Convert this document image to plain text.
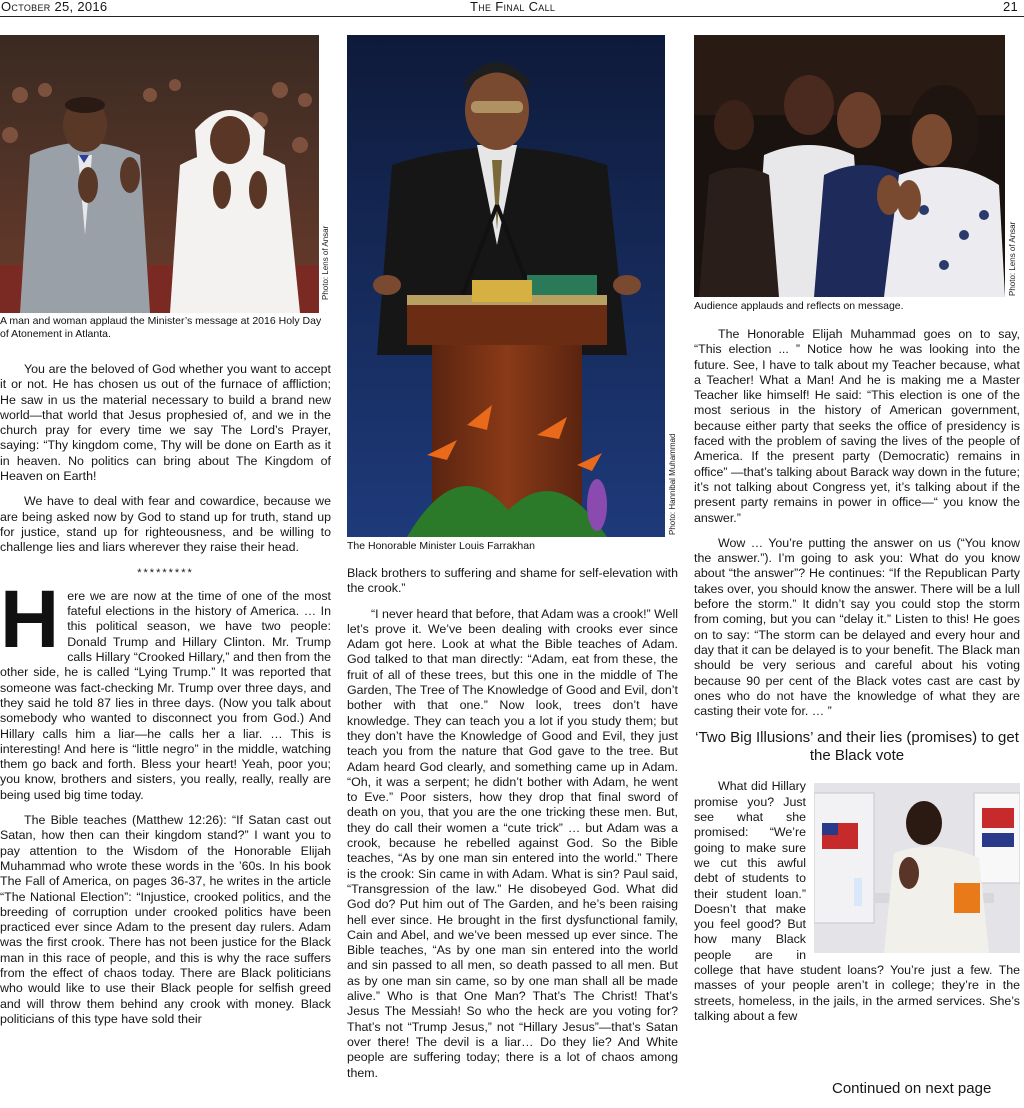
October 25, 2016	The Final Call	21
Photo: Lens of Ansar
A man and woman applaud the Minister’s message at 2016 Holy Day of Atonement in Atlanta.
Photo: Hannibal Muhammad
The Honorable Minister Louis Farrakhan
Photo: Lens of Ansar
Audience applauds and reflects on message.

You are the beloved of God whether you want to accept it or not. He has chosen us out of the furnace of affliction; He saw in us the material necessary to build a brand new world—that world that Jesus prophesied of, and we in the church pray for every time we say The Lord’s Prayer, saying: “Thy kingdom come, Thy will be done on Earth as it in heaven. No politics can bring about The Kingdom of Heaven on Earth!

We have to deal with fear and cowardice, because we are being asked now by God to stand up for truth, stand up for justice, stand up for righteousness, and be willing to challenge lies and liars wherever they raise their head.

*********

Here we are now at the time of one of the most fateful elections in the history of America. … In this political season, we have two people: Donald Trump and Hillary Clinton. Mr. Trump calls Hillary “Crooked Hillary,” and then from the other side, he is called “Lying Trump.” It was reported that someone was fact-checking Mr. Trump over three days, and they said he told 87 lies in three days. (Now you talk about somebody who wanted to disconnect you from God.) And Hillary calls him a liar—he calls her a liar. … This is interesting! And here is “little negro” in the middle, watching them go back and forth. Bless your heart! Yeah, poor you; you know, brothers and sisters, you really, really, really are being used big time today.

The Bible teaches (Matthew 12:26): “If Satan cast out Satan, how then can their kingdom stand?” I want you to pay attention to the Wisdom of the Honorable Elijah Muhammad who wrote these words in the ’60s. In his book The Fall of America, on pages 36-37, he writes in the article “The National Election”: “Injustice, crooked politics, and the breeding of corruption under crooked politics have been practiced ever since Adam to the present day rulers. Adam was the first crook. There has not been justice for the Black man in this race of people, and this is why the race suffers from the effect of chaos today. There are Black politicians who would like to use their Black people for selfish greed and will throw them behind any crook with money. Black politicians of this type have sold their

Black brothers to suffering and shame for self-elevation with the crook.”

“I never heard that before, that Adam was a crook!” Well let’s prove it. We’ve been dealing with crooks ever since Adam got here. Look at what the Bible teaches of Adam. God talked to that man directly: “Adam, eat from these, the fruit of all of these trees, but this one in the middle of The Garden, The Tree of The Knowledge of Good and Evil, don’t bother with that one.” Now look, trees don’t have knowledge. They can teach you a lot if you study them; but they don’t have the Knowledge of Good and Evil, they just teach you from the nature that God gave to the tree. But Adam heard God clearly, and something came up in Adam. “Oh, it was a serpent; he didn’t bother with Adam, he went to Eve.” Poor sisters, how they drop that final sword of death on you, that you are the one tricking these men. But, they do call their women a “cute trick” … but Adam was a crook, because he rebelled against God. So the Bible teaches, “As by one man sin entered into the world.” There is the crook: Sin came in with Adam. What is sin? Paul said, “Transgression of the law.” He disobeyed God. What did God do? Put him out of The Garden, and he’s been raising hell ever since. He brought in the first dysfunctional family, Cain and Abel, and we’ve been messed up ever since. The Bible teaches, “As by one man sin entered into the world and sin passed to all men, so death passed to all men. But as by one man sin came, so by one man shall all be made alive.” Who is that One Man? That’s The Christ! That’s Jesus The Messiah! So who the heck are you voting for? That’s not “Trump Jesus,” not “Hillary Jesus”—that’s Satan over there! The devil is a liar… Do they lie? And White people are suffering today; there is a lot of chaos among them.

The Honorable Elijah Muhammad goes on to say, “This election ... ” Notice how he was looking into the future. See, I have to talk about my Teacher because, what a Teacher! What a Man! And he is making me a Master Teacher like himself! He said: “This election is one of the most serious in the history of American government, because either party that seeks the office of presidency is faced with the problem of saving the lives of the people of America. If the present party (Democratic) remains in office” —that’s talking about Barack way down in the future; it’s not talking about Congress yet, it’s talking about if the present party remains in power in office—“ you know the answer.”

Wow … You’re putting the answer on us (“You know the answer.”). I’m going to ask you: What do you know about “the answer”? He continues: “If the Republican Party takes over, you should know the answer. There will be a lull before the storm.” It didn’t say you could stop the storm from coming, but you can “delay it.” Listen to this! He goes on to say: “The storm can be delayed and every hour and day that it can be delayed is to your benefit. The Black man should be very serious and careful about his voting because 90 per cent of the Black votes cast are cast by ones who do not have the knowledge of what they are casting their vote for. … ”

‘Two Big Illusions’ and their lies (promises) to get the Black vote

What did Hillary promise you? Just see what she promised: “We’re going to make sure we cut this awful debt of students to their student loan.” Doesn’t that make you feel good? But how many Black people are in college that have student loans? You’re just a few. The masses of your people aren’t in college; they’re in the streets, homeless, in the jails, in the armed services. She’s talking about a few

Continued on next page
